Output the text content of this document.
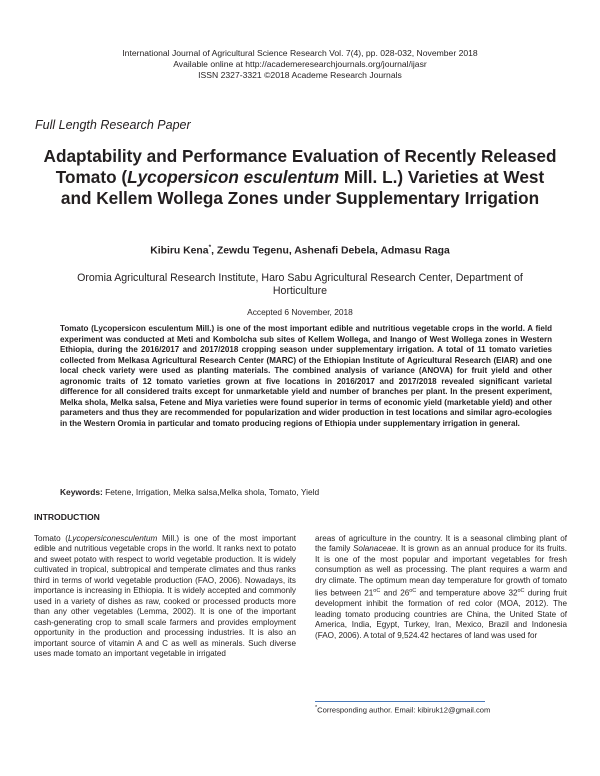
International Journal of Agricultural Science Research Vol. 7(4), pp. 028-032, November 2018
Available online at http://academeresearchjournals.org/journal/ijasr
ISSN 2327-3321 ©2018 Academe Research Journals
Full Length Research Paper
Adaptability and Performance Evaluation of Recently Released Tomato (Lycopersicon esculentum Mill. L.) Varieties at West and Kellem Wollega Zones under Supplementary Irrigation
Kibiru Kena*, Zewdu Tegenu, Ashenafi Debela, Admasu Raga
Oromia Agricultural Research Institute, Haro Sabu Agricultural Research Center, Department of Horticulture
Accepted 6 November, 2018

Tomato (Lycopersicon esculentum Mill.) is one of the most important edible and nutritious vegetable crops in the world. A field experiment was conducted at Meti and Kombolcha sub sites of Kellem Wollega, and Inango of West Wollega zones in Western Ethiopia, during the 2016/2017 and 2017/2018 cropping season under supplementary irrigation. A total of 11 tomato varieties collected from Melkasa Agricultural Research Center (MARC) of the Ethiopian Institute of Agricultural Research (EIAR) and one local check variety were used as planting materials. The combined analysis of variance (ANOVA) for fruit yield and other agronomic traits of 12 tomato varieties grown at five locations in 2016/2017 and 2017/2018 revealed significant varietal difference for all considered traits except for unmarketable yield and number of branches per plant. In the present experiment, Melka shola, Melka salsa, Fetene and Miya varieties were found superior in terms of economic yield (marketable yield) and other parameters and thus they are recommended for popularization and wider production in test locations and similar agro-ecologies in the Western Oromia in particular and tomato producing regions of Ethiopia under supplementary irrigation in general.

Keywords: Fetene, Irrigation, Melka salsa,Melka shola, Tomato, Yield
INTRODUCTION

Tomato (Lycopersiconesculentum Mill.) is one of the most important edible and nutritious vegetable crops in the world. It ranks next to potato and sweet potato with respect to world vegetable production. It is widely cultivated in tropical, subtropical and temperate climates and thus ranks third in terms of world vegetable production (FAO, 2006). Nowadays, its importance is increasing in Ethiopia. It is widely accepted and commonly used in a variety of dishes as raw, cooked or processed products more than any other vegetables (Lemma, 2002). It is one of the important cash-generating crop to small scale farmers and provides employment opportunity in the production and processing industries. It is also an important source of vitamin A and C as well as minerals. Such diverse uses made tomato an important vegetable in irrigated

areas of agriculture in the country. It is a seasonal climbing plant of the family Solanaceae. It is grown as an annual produce for its fruits. It is one of the most popular and important vegetables for fresh consumption as well as processing. The plant requires a warm and dry climate. The optimum mean day temperature for growth of tomato lies between $21^{oC}$ and $26^{oC}$ and temperature above $32^{oC}$ during fruit development inhibit the formation of red color (MOA, 2012). The leading tomato producing countries are China, the United State of America, India, Egypt, Turkey, Iran, Mexico, Brazil and Indonesia (FAO, 2006). A total of 9,524.42 hectares of land was used for

*Corresponding author. Email: kibiruk12@gmail.com
